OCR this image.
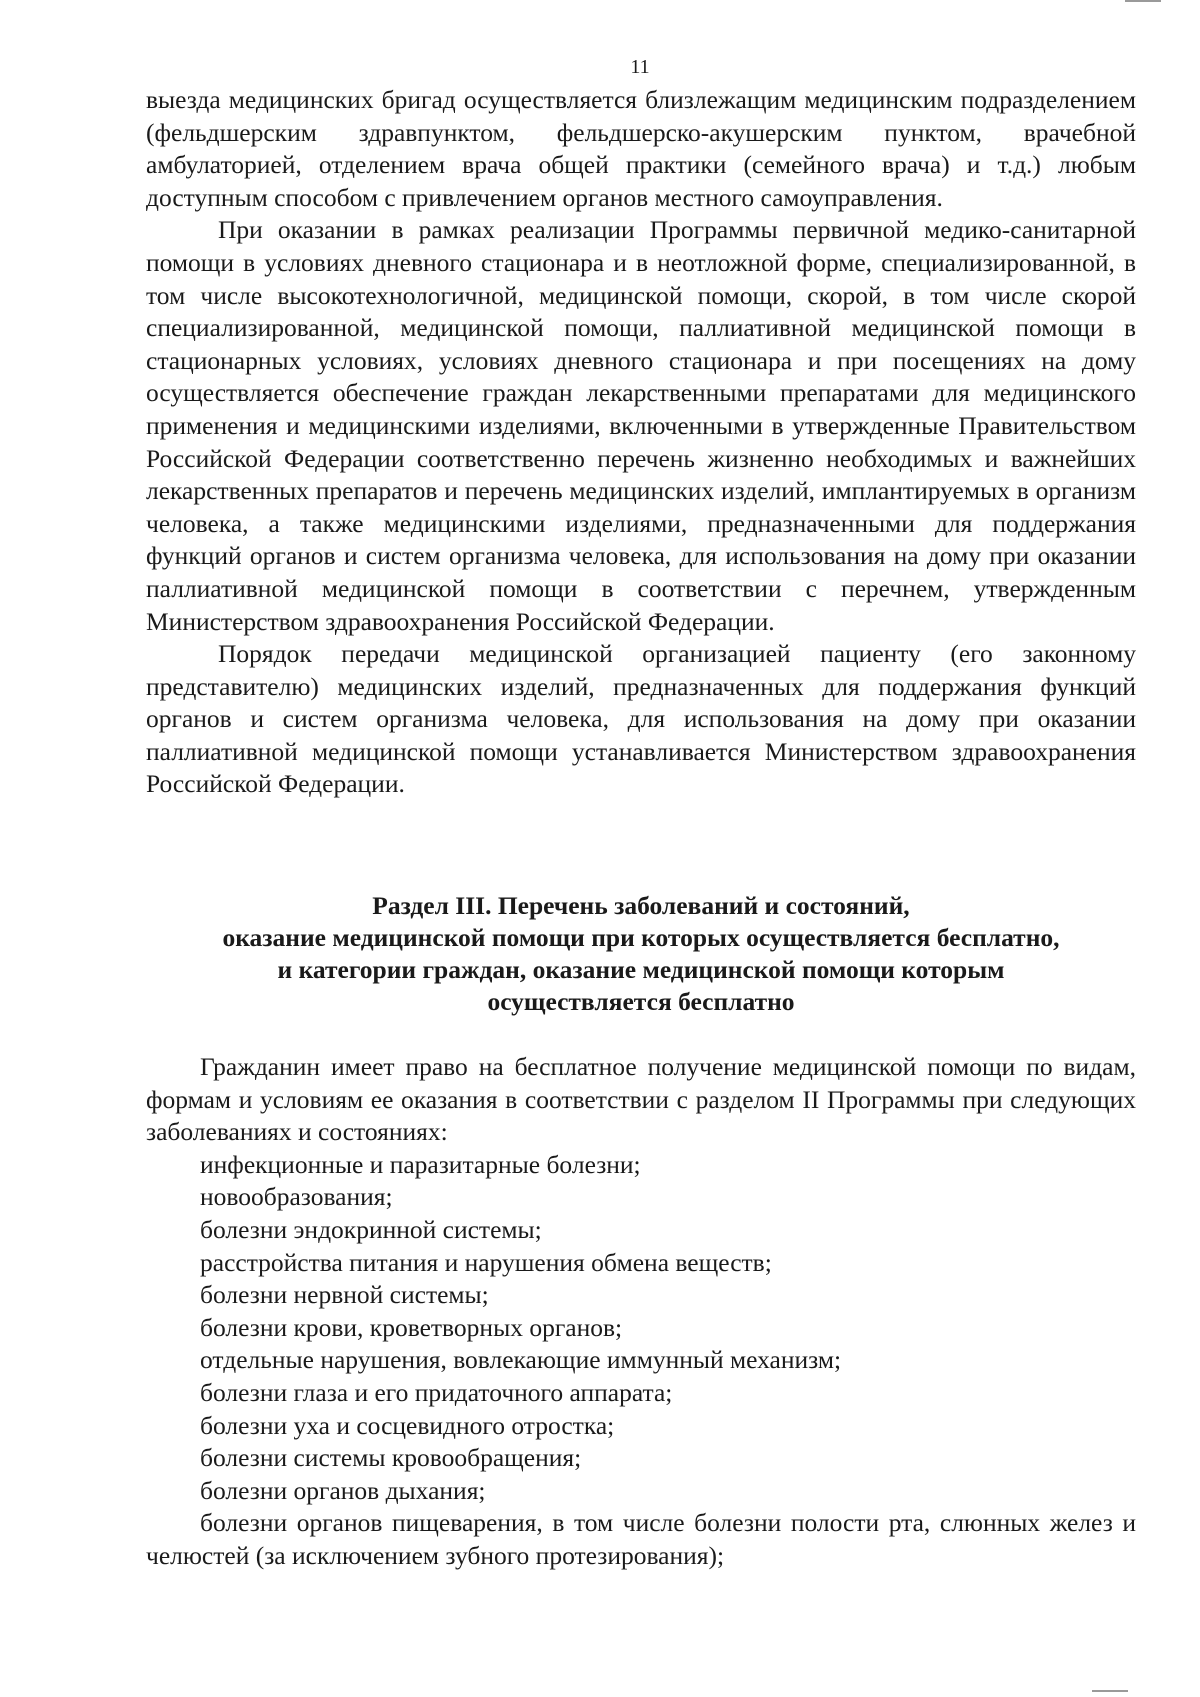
11

выезда медицинских бригад осуществляется близлежащим медицинским подразделением (фельдшерским здравпунктом, фельдшерско-акушерским пунктом, врачебной амбулаторией, отделением врача общей практики (семейного врача) и т.д.) любым доступным способом с привлечением органов местного самоуправления.

При оказании в рамках реализации Программы первичной медико-санитарной помощи в условиях дневного стационара и в неотложной форме, специализированной, в том числе высокотехнологичной, медицинской помощи, скорой, в том числе скорой специализированной, медицинской помощи, паллиативной медицинской помощи в стационарных условиях, условиях дневного стационара и при посещениях на дому осуществляется обеспечение граждан лекарственными препаратами для медицинского применения и медицинскими изделиями, включенными в утвержденные Правительством Российской Федерации соответственно перечень жизненно необходимых и важнейших лекарственных препаратов и перечень медицинских изделий, имплантируемых в организм человека, а также медицинскими изделиями, предназначенными для поддержания функций органов и систем организма человека, для использования на дому при оказании паллиативной медицинской помощи в соответствии с перечнем, утвержденным Министерством здравоохранения Российской Федерации.

Порядок передачи медицинской организацией пациенту (его законному представителю) медицинских изделий, предназначенных для поддержания функций органов и систем организма человека, для использования на дому при оказании паллиативной медицинской помощи устанавливается Министерством здравоохранения Российской Федерации.

Раздел III. Перечень заболеваний и состояний,
оказание медицинской помощи при которых осуществляется бесплатно,
и категории граждан, оказание медицинской помощи которым
осуществляется бесплатно

Гражданин имеет право на бесплатное получение медицинской помощи по видам, формам и условиям ее оказания в соответствии с разделом II Программы при следующих заболеваниях и состояниях:

инфекционные и паразитарные болезни;

новообразования;

болезни эндокринной системы;

расстройства питания и нарушения обмена веществ;

болезни нервной системы;

болезни крови, кроветворных органов;

отдельные нарушения, вовлекающие иммунный механизм;

болезни глаза и его придаточного аппарата;

болезни уха и сосцевидного отростка;

болезни системы кровообращения;

болезни органов дыхания;

болезни органов пищеварения, в том числе болезни полости рта, слюнных желез и челюстей (за исключением зубного протезирования);
